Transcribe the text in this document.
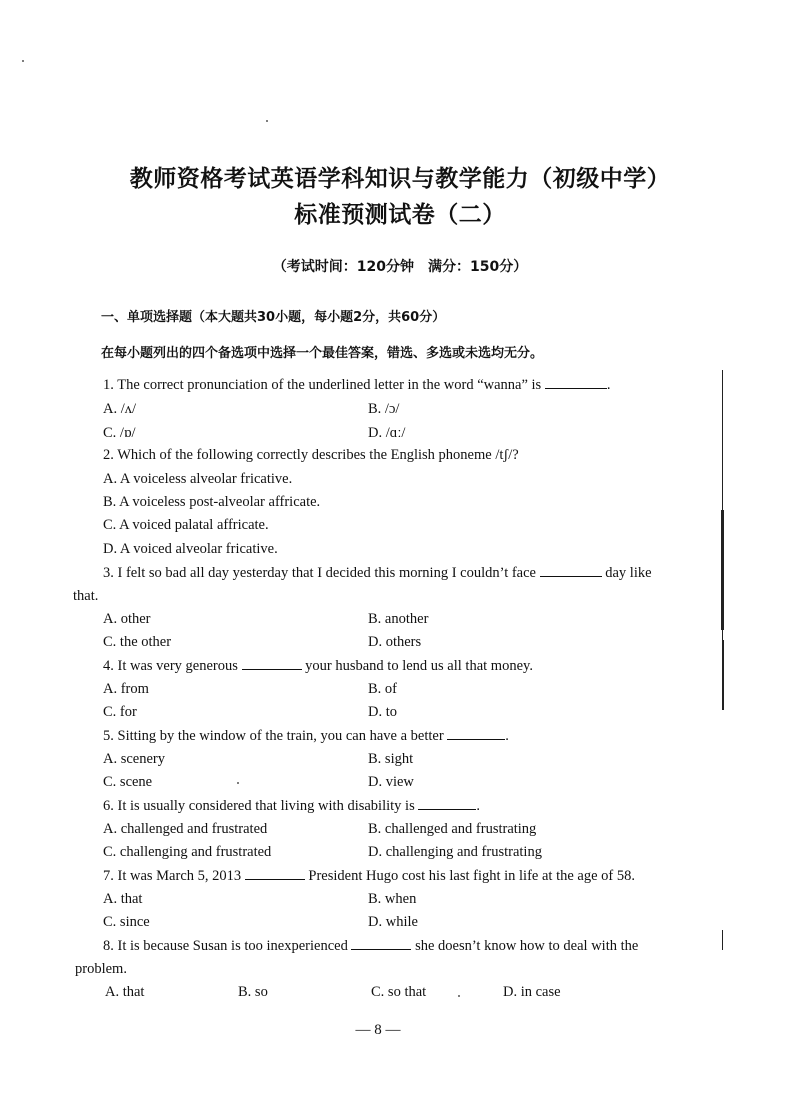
教师资格考试英语学科知识与教学能力（初级中学）
标准预测试卷（二）
（考试时间：120分钟　满分：150分）
一、单项选择题（本大题共30小题，每小题2分，共60分）
在每小题列出的四个备选项中选择一个最佳答案，错选、多选或未选均无分。
1. The correct pronunciation of the underlined letter in the word “wanna” is	.
A. /ʌ/	B. /ɔ/
C. /ɒ/	D. /ɑː/
2. Which of the following correctly describes the English phoneme /tʃ/?
A. A voiceless alveolar fricative.
B. A voiceless post-alveolar affricate.
C. A voiced palatal affricate.
D. A voiced alveolar fricative.
3. I felt so bad all day yesterday that I decided this morning I couldn’t face	day like
that.
A. other	B. another
C. the other	D. others
4. It was very generous	your husband to lend us all that money.
A. from	B. of
C. for	D. to
5. Sitting by the window of the train, you can have a better	.
A. scenery	B. sight
C. scene	D. view
6. It is usually considered that living with disability is	.
A. challenged and frustrated	B. challenged and frustrating
C. challenging and frustrated	D. challenging and frustrating
7. It was March 5, 2013	President Hugo cost his last fight in life at the age of 58.
A. that	B. when
C. since	D. while
8. It is because Susan is too inexperienced	she doesn’t know how to deal with the
problem.
A. that	B. so	C. so that	D. in case
— 8 —
